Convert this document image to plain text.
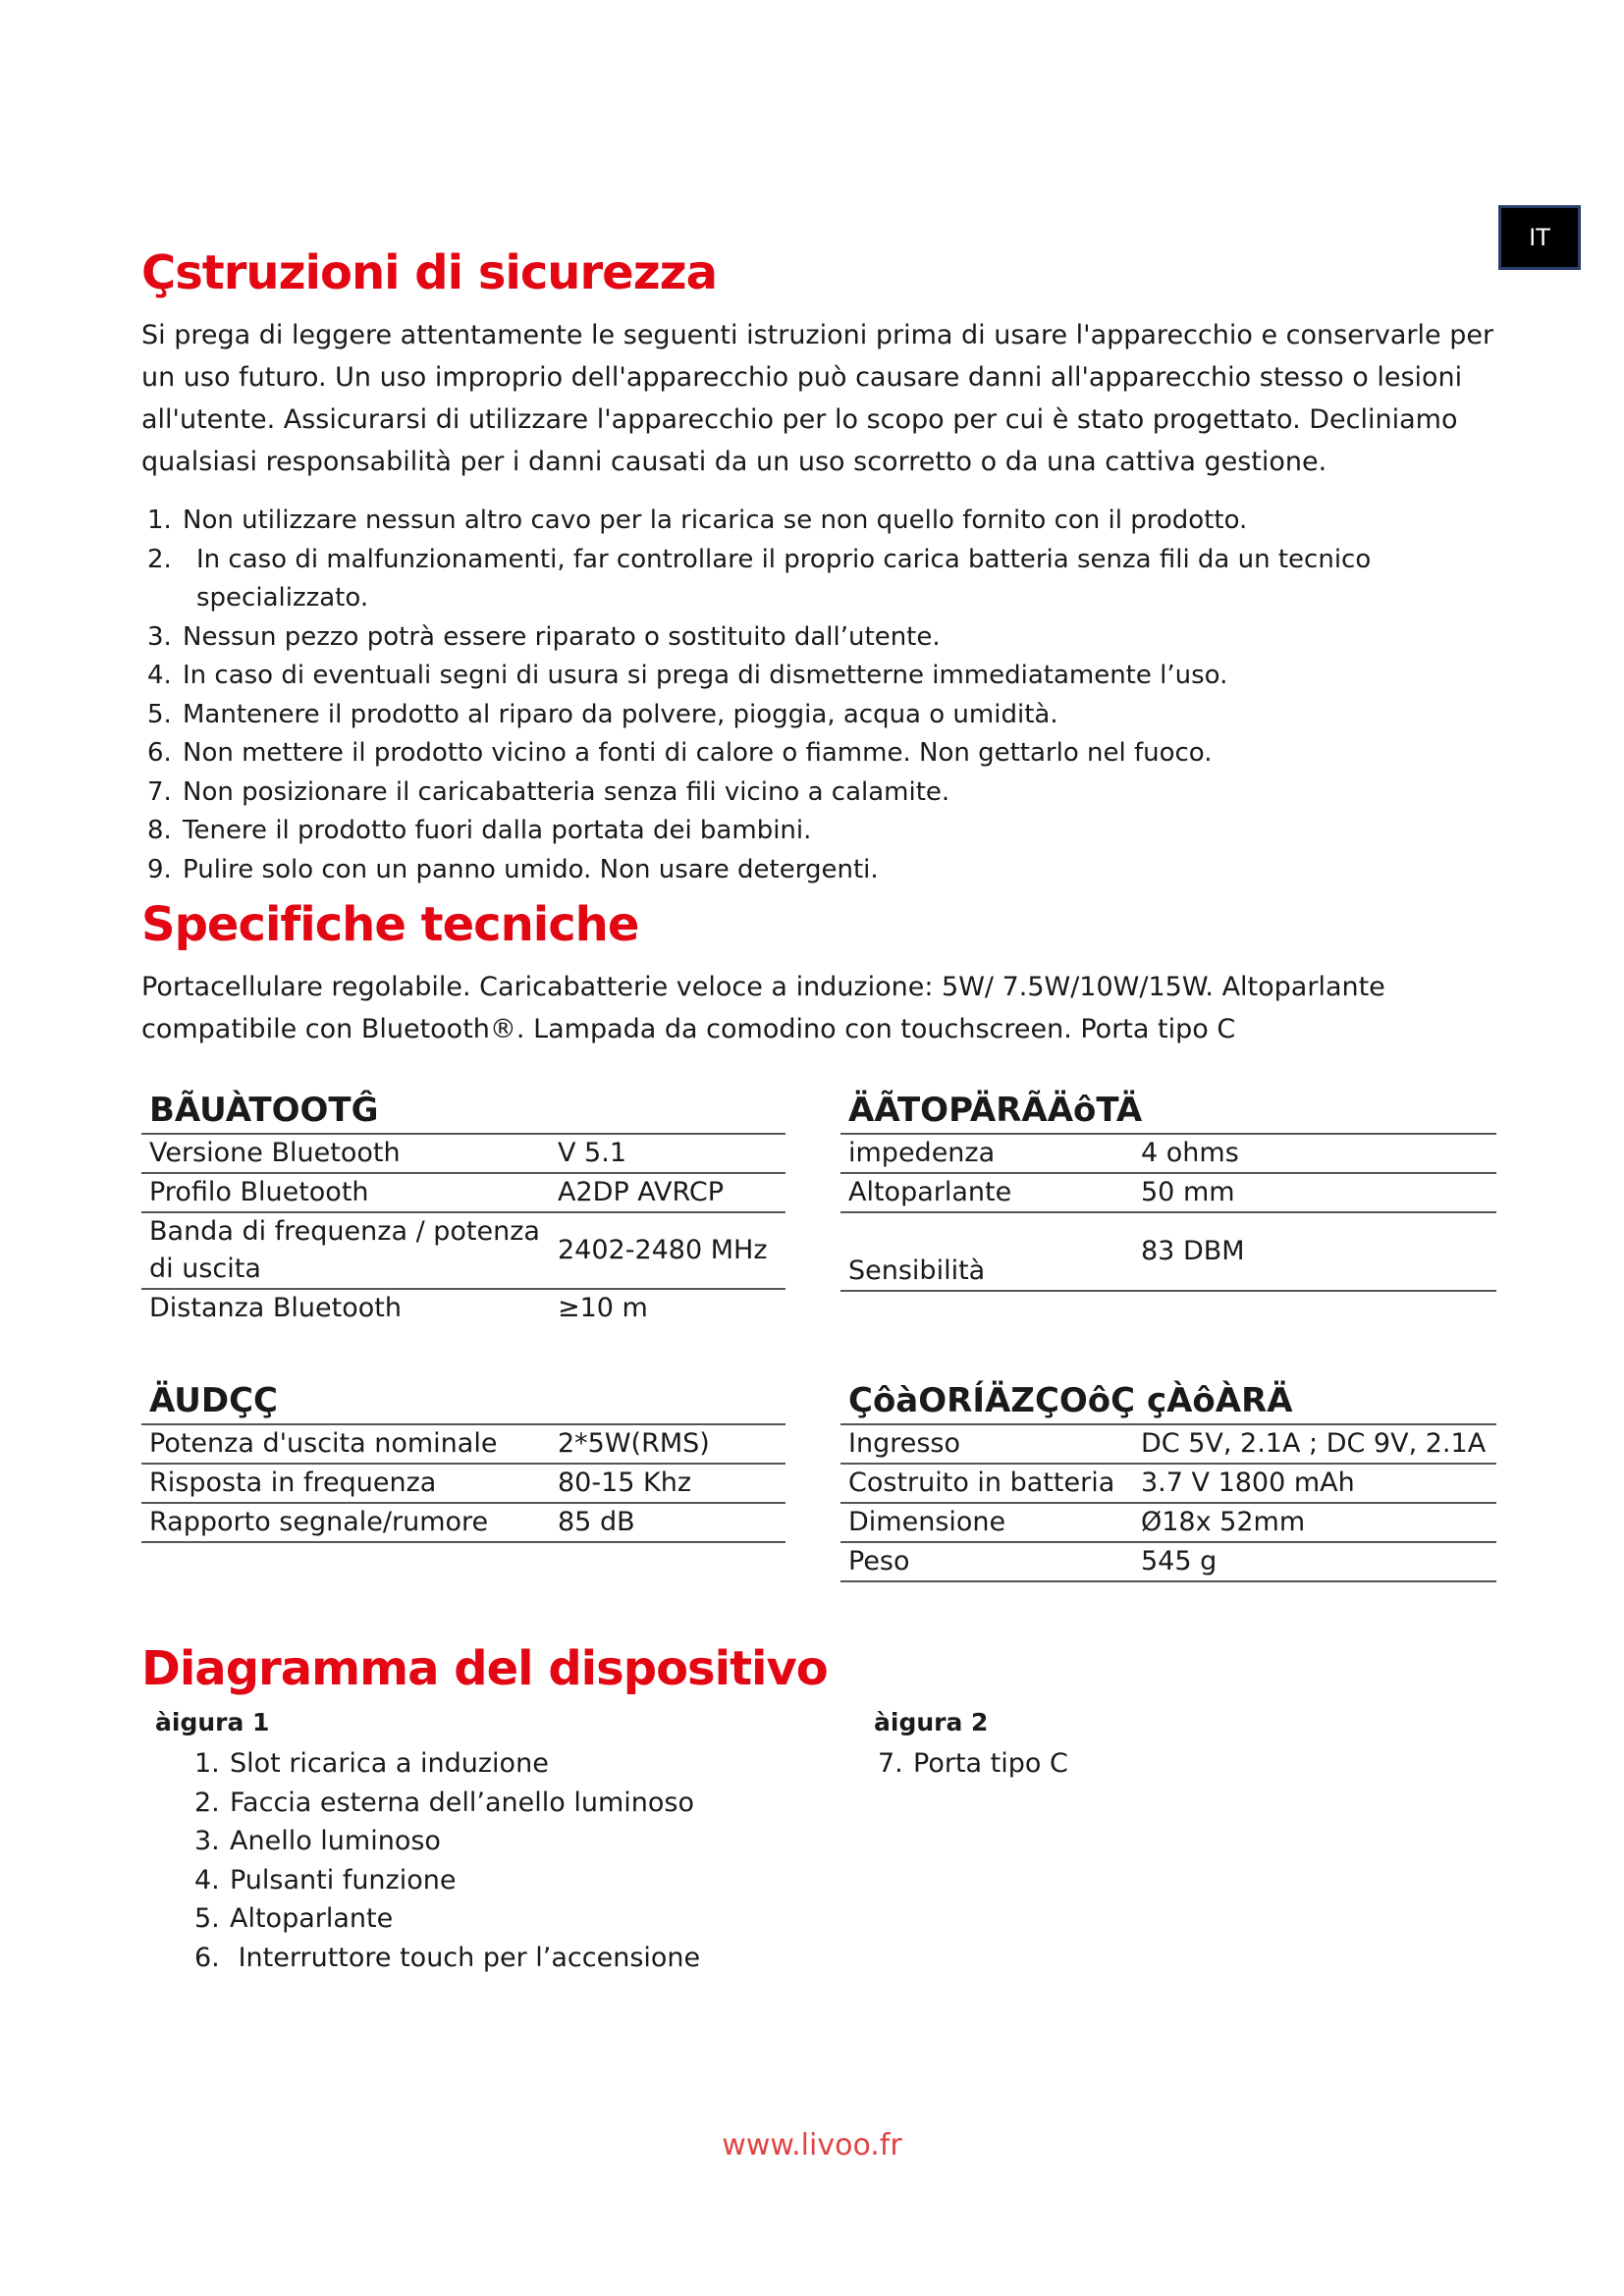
IT
Çstruzioni di sicurezza

Si prega di leggere attentamente le seguenti istruzioni prima di usare l'apparecchio e conservarle per un uso futuro. Un uso improprio dell'apparecchio può causare danni all'apparecchio stesso o lesioni all'utente. Assicurarsi di utilizzare l'apparecchio per lo scopo per cui è stato progettato. Decliniamo qualsiasi responsabilità per i danni causati da un uso scorretto o da una cattiva gestione.

1. Non utilizzare nessun altro cavo per la ricarica se non quello fornito con il prodotto.
2. In caso di malfunzionamenti, far controllare il proprio carica batteria senza fili da un tecnico specializzato.
3. Nessun pezzo potrà essere riparato o sostituito dall’utente.
4. In caso di eventuali segni di usura si prega di dismetterne immediatamente l’uso.
5. Mantenere il prodotto al riparo da polvere, pioggia, acqua o umidità.
6. Non mettere il prodotto vicino a fonti di calore o fiamme. Non gettarlo nel fuoco.
7. Non posizionare il caricabatteria senza fili vicino a calamite.
8. Tenere il prodotto fuori dalla portata dei bambini.
9. Pulire solo con un panno umido. Non usare detergenti.
Specifiche tecniche

Portacellulare regolabile. Caricabatterie veloce a induzione: 5W/ 7.5W/10W/15W. Altoparlante compatibile con Bluetooth®. Lampada da comodino con touchscreen. Porta tipo C

BÃUÀTOOTĜ
Versione Bluetooth	V 5.1
Profilo Bluetooth	A2DP AVRCP
Banda di frequenza / potenza di uscita	2402-2480 MHz
Distanza Bluetooth	≥10 m
ÄÃTOPÄRÃÄôTÄ
impedenza	4 ohms
Altoparlante	50 mm
Sensibilità	83 DBM
ÄUDÇÇ
Potenza d'uscita nominale	2*5W(RMS)
Risposta in frequenza	80-15 Khz
Rapporto segnale/rumore	85 dB
ÇôàORÍÄZÇOôÇ çÀôÀRÄ
Ingresso	DC 5V, 2.1A ; DC 9V, 2.1A
Costruito in batteria	3.7 V 1800 mAh
Dimensione	Ø18x 52mm
Peso	545 g
Diagramma del dispositivo
àigura 1
1. Slot ricarica a induzione
2. Faccia esterna dell’anello luminoso
3. Anello luminoso
4. Pulsanti funzione
5. Altoparlante
6. Interruttore touch per l’accensione
àigura 2
7. Porta tipo C
www.livoo.fr
